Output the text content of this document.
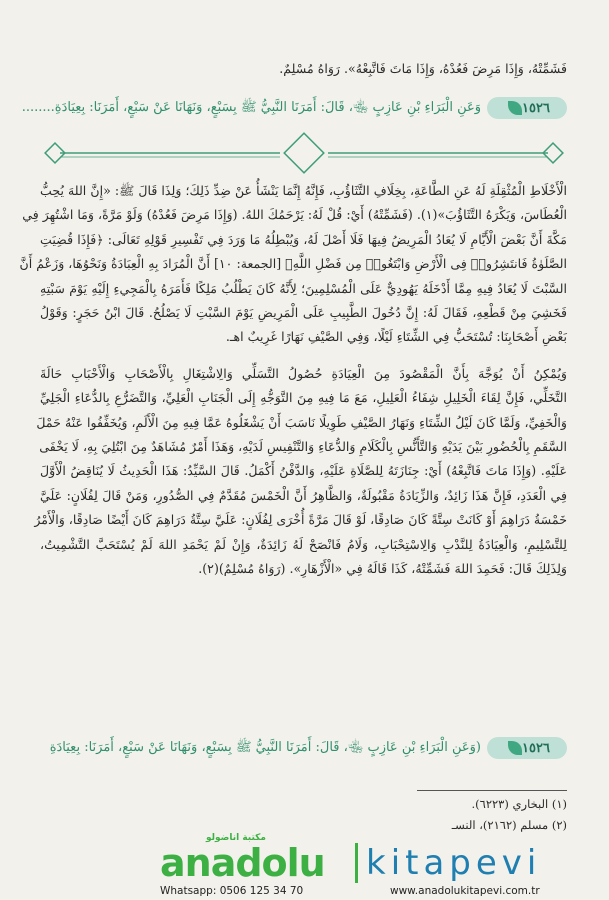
فَشَمِّتْهُ، وَإِذَا مَرِضَ فَعُدْهُ، وَإِذَا مَاتَ فَاتَّبِعْهُ». رَوَاهُ مُسْلِمٌ.
١٥٢٦
وَعَنِ الْبَرَاءِ بْنِ عَازِبٍ ﵄، قَالَ: أَمَرَنَا النَّبِيُّ ﷺ بِسَبْعٍ، وَنَهَانَا عَنْ سَبْعٍ، أَمَرَنَا: بِعِيَادَةِ........
الْأَخْلَاطِ الْمُثْقِلَةِ لَهُ عَنِ الطَّاعَةِ، بِخِلَافِ التَّثَاؤُبِ، فَإِنَّهُ إِنَّمَا يَنْشَأُ عَنْ ضِدِّ ذَلِكَ؛ وَلِذَا قَالَ ﷺ: «إِنَّ اللهَ يُحِبُّ
الْعُطَاسَ، وَيَكْرَهُ التَّثَاؤُبَ»(١). (فَشَمِّتْهُ) أَيْ: قُلْ لَهُ: يَرْحَمُكَ اللهُ. (وَإِذَا مَرِضَ فَعُدْهُ) وَلَوْ مَرَّةً، وَمَا اشْتُهِرَ فِي
مَكَّةَ أَنَّ بَعْضَ الْأَيَّامِ لَا يُعَادُ الْمَرِيضُ فِيهَا فَلَا أَصْلَ لَهُ، وَيُبْطِلُهُ مَا وَرَدَ فِي تَفْسِيرِ قَوْلِهِ تَعَالَى: ﴿فَإِذَا قُضِيَتِ
الصَّلَوٰةُ فَانتَشِرُوا۟ فِى الْأَرْضِ وَابْتَغُوا۟ مِن فَضْلِ اللَّهِ﴾ [الجمعة: ١٠] أَنَّ الْمُرَادَ بِهِ الْعِبَادَةُ وَنَحْوُهَا، وَزَعْمُ أَنَّ
السَّبْتَ لَا يُعَادُ فِيهِ مِمَّا أَدْخَلَهُ يَهُودِيٌّ عَلَى الْمُسْلِمِينَ؛ لِأَنَّهُ كَانَ يَطْلُبُ مَلِكًا فَأَمَرَهُ بِالْمَجِيءِ إِلَيْهِ يَوْمَ سَبْتِهِ
فَخَشِيَ مِنْ قَطْعِهِ، فَقَالَ لَهُ: إِنَّ دُخُولَ الطَّبِيبِ عَلَى الْمَرِيضِ يَوْمَ السَّبْتِ لَا يَصْلُحُ. قَالَ ابْنُ حَجَرٍ: وَقَوْلُ
بَعْضِ أَصْحَابِنَا: تُسْتَحَبُّ فِي الشِّتَاءِ لَيْلًا، وَفِي الصَّيْفِ نَهَارًا غَرِيبٌ اهـ.
وَيُمْكِنُ أَنْ يُوَجَّهَ بِأَنَّ الْمَقْصُودَ مِنَ الْعِيَادَةِ حُصُولُ التَّسَلِّي وَالِاشْتِغَالِ بِالْأَصْحَابِ وَالْأَحْبَابِ حَالَةَ
التَّخَلِّي، فَإِنَّ لِقَاءَ الْخَلِيلِ شِفَاءُ الْعَلِيلِ، مَعَ مَا فِيهِ مِنَ التَّوَجُّهِ إِلَى الْجَنَابِ الْعَلِيِّ، وَالتَّضَرُّعِ بِالدُّعَاءِ الْجَلِيِّ
وَالْخَفِيِّ، وَلَمَّا كَانَ لَيْلُ الشِّتَاءِ وَنَهَارُ الصَّيْفِ طَوِيلًا نَاسَبَ أَنْ يَشْغَلُوهُ عَمَّا فِيهِ مِنَ الْأَلَمِ، وَيُخَفِّفُوا عَنْهُ حَمْلَ
السَّقَمِ بِالْحُضُورِ بَيْنَ يَدَيْهِ وَالتَّأَنُّسِ بِالْكَلَامِ وَالدُّعَاءِ وَالتَّنْفِيسِ لَدَيْهِ، وَهَذَا أَمْرٌ مُشَاهَدٌ مِنَ ابْتُلِيَ بِهِ، لَا يَخْفَى
عَلَيْهِ. (وَإِذَا مَاتَ فَاتَّبِعْهُ) أَيْ: جِنَازَتَهُ لِلصَّلَاةِ عَلَيْهِ، وَالدَّفْنُ أَكْمَلُ. قَالَ السَّيِّدُ: هَذَا الْحَدِيثُ لَا يُنَاقِضُ الْأَوَّلَ
فِي الْعَدَدِ، فَإِنَّ هَذَا زَائِدٌ، وَالزِّيَادَةُ مَقْبُولَةٌ، وَالظَّاهِرُ أَنَّ الْخَمْسَ مُقَدَّمٌ فِي الصُّدُورِ، وَمَنْ قَالَ لِفُلَانٍ: عَلَيَّ
خَمْسَةُ دَرَاهِمَ أَوْ كَانَتْ سِتَّةً كَانَ صَادِقًا، لَوْ قَالَ مَرَّةً أُخْرَى لِفُلَانٍ: عَلَيَّ سِتَّةُ دَرَاهِمَ كَانَ أَيْضًا صَادِقًا، وَالْأَمْرُ
لِلتَّسْلِيمِ، وَالْعِيَادَةُ لِلنَّدْبِ وَالِاسْتِحْبَابِ، وَلَامُ فَانْصَحْ لَهُ زَائِدَةٌ، وَإِنْ لَمْ يَحْمَدِ اللهَ لَمْ يُسْتَحَبَّ التَّشْمِيتُ،
وَلِذَلِكَ قَالَ: فَحَمِدَ اللهَ فَشَمِّتْهُ، كَذَا قَالَهُ فِي «الْأَزْهَارِ». (رَوَاهُ مُسْلِمٌ)(٢).
١٥٢٦
(وَعَنِ الْبَرَاءِ بْنِ عَازِبٍ ﵄، قَالَ: أَمَرَنَا النَّبِيُّ ﷺ بِسَبْعٍ، وَنَهَانَا عَنْ سَبْعٍ، أَمَرَنَا: بِعِيَادَةِ
(١) البخاري (٦٢٢٣).
(٢) مسلم (٢١٦٢)، النسـ
مكتبة اناضولو
anadolu kitapevi
Whatsapp: 0506 125 34 70	www.anadolukitapevi.com.tr
